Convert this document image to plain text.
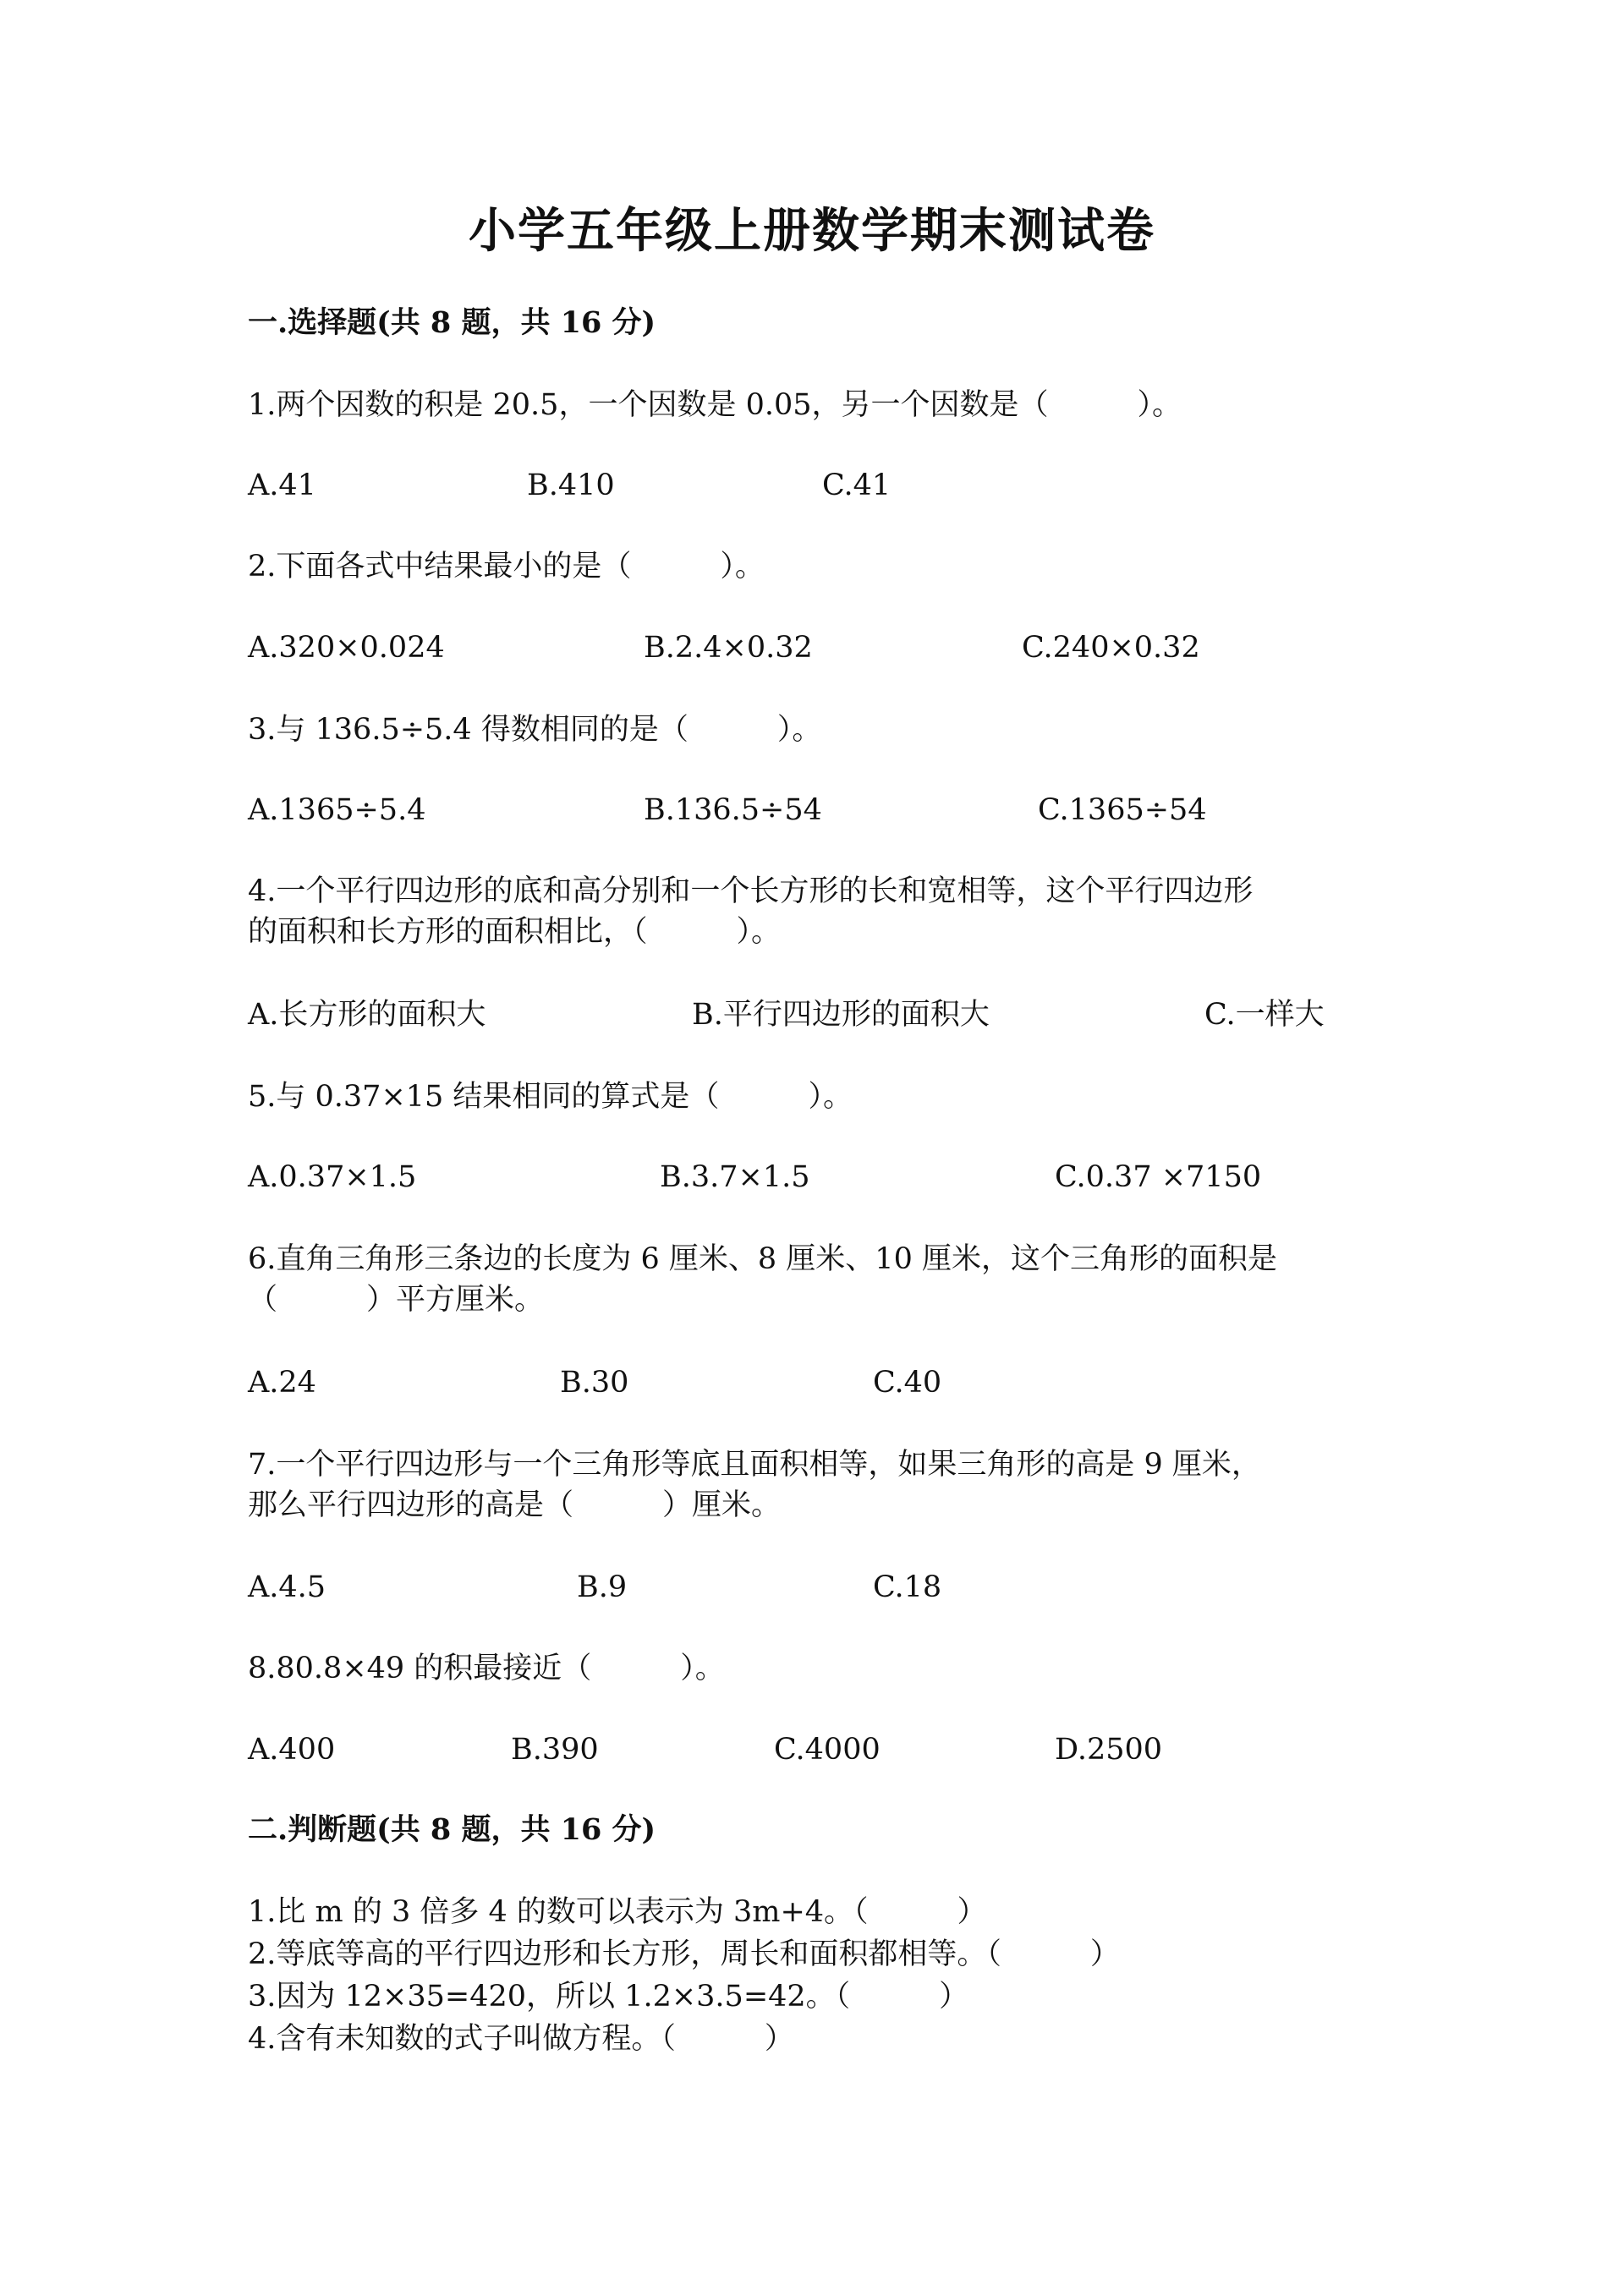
小学五年级上册数学期末测试卷
一.选择题(共 8 题，共 16 分)
1.两个因数的积是 20.5，一个因数是 0.05，另一个因数是（　　　）。
A.41	B.410	C.41
2.下面各式中结果最小的是（　　　）。
A.320×0.024	B.2.4×0.32	C.240×0.32
3.与 136.5÷5.4 得数相同的是（　　　）。
A.1365÷5.4	B.136.5÷54	C.1365÷54
4.一个平行四边形的底和高分别和一个长方形的长和宽相等，这个平行四边形
的面积和长方形的面积相比，（　　　）。
A.长方形的面积大	B.平行四边形的面积大	C.一样大
5.与 0.37×15 结果相同的算式是（　　　）。
A.0.37×1.5	B.3.7×1.5	C.0.37 ×7150
6.直角三角形三条边的长度为 6 厘米、8 厘米、10 厘米，这个三角形的面积是
（　　　）平方厘米。
A.24	B.30	C.40
7.一个平行四边形与一个三角形等底且面积相等，如果三角形的高是 9 厘米，
那么平行四边形的高是（　　　）厘米。
A.4.5	B.9	C.18
8.80.8×49 的积最接近（　　　）。
A.400	B.390	C.4000	D.2500
二.判断题(共 8 题，共 16 分)
1.比 m 的 3 倍多 4 的数可以表示为 3m+4。（　　　）
2.等底等高的平行四边形和长方形，周长和面积都相等。（　　　）
3.因为 12×35=420，所以 1.2×3.5=42。（　　　）
4.含有未知数的式子叫做方程。（　　　）
